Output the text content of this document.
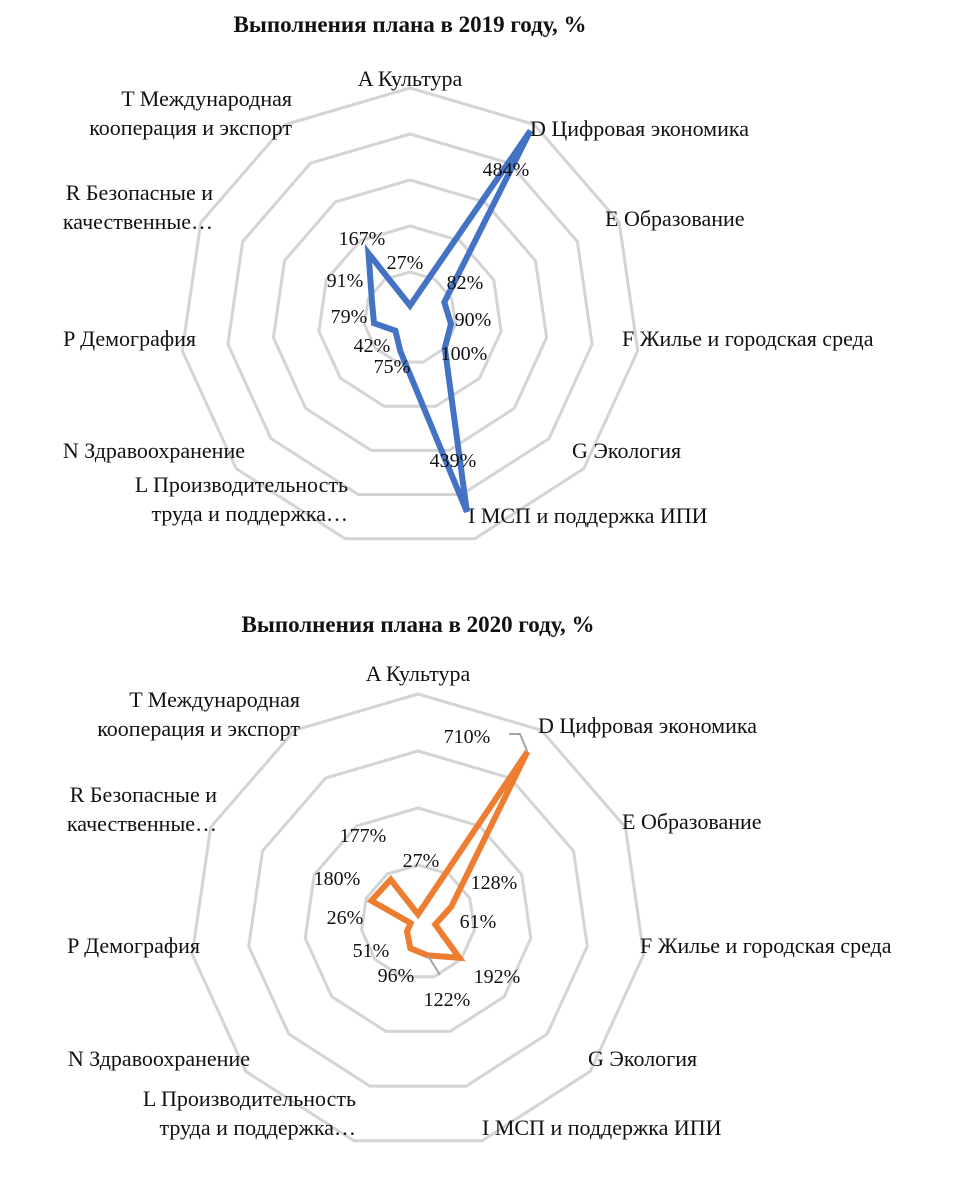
Выполнения плана в 2019 году, %
A Культура
D Цифровая экономика
E Образование
F Жилье и городская среда
G Экология
I МСП и поддержка ИПИ
L Производительность труда и поддержка…
N Здравоохранение
P Демография
R Безопасные и качественные…
T Международная кооперация и экспорт
27%
484%
82%
90%
100%
439%
75%
42%
79%
91%
167%
Выполнения плана в 2020 году, %
A Культура
D Цифровая экономика
E Образование
F Жилье и городская среда
G Экология
I МСП и поддержка ИПИ
L Производительность труда и поддержка…
N Здравоохранение
P Демография
R Безопасные и качественные…
T Международная кооперация и экспорт
27%
710%
128%
61%
192%
122%
96%
51%
26%
180%
177%
